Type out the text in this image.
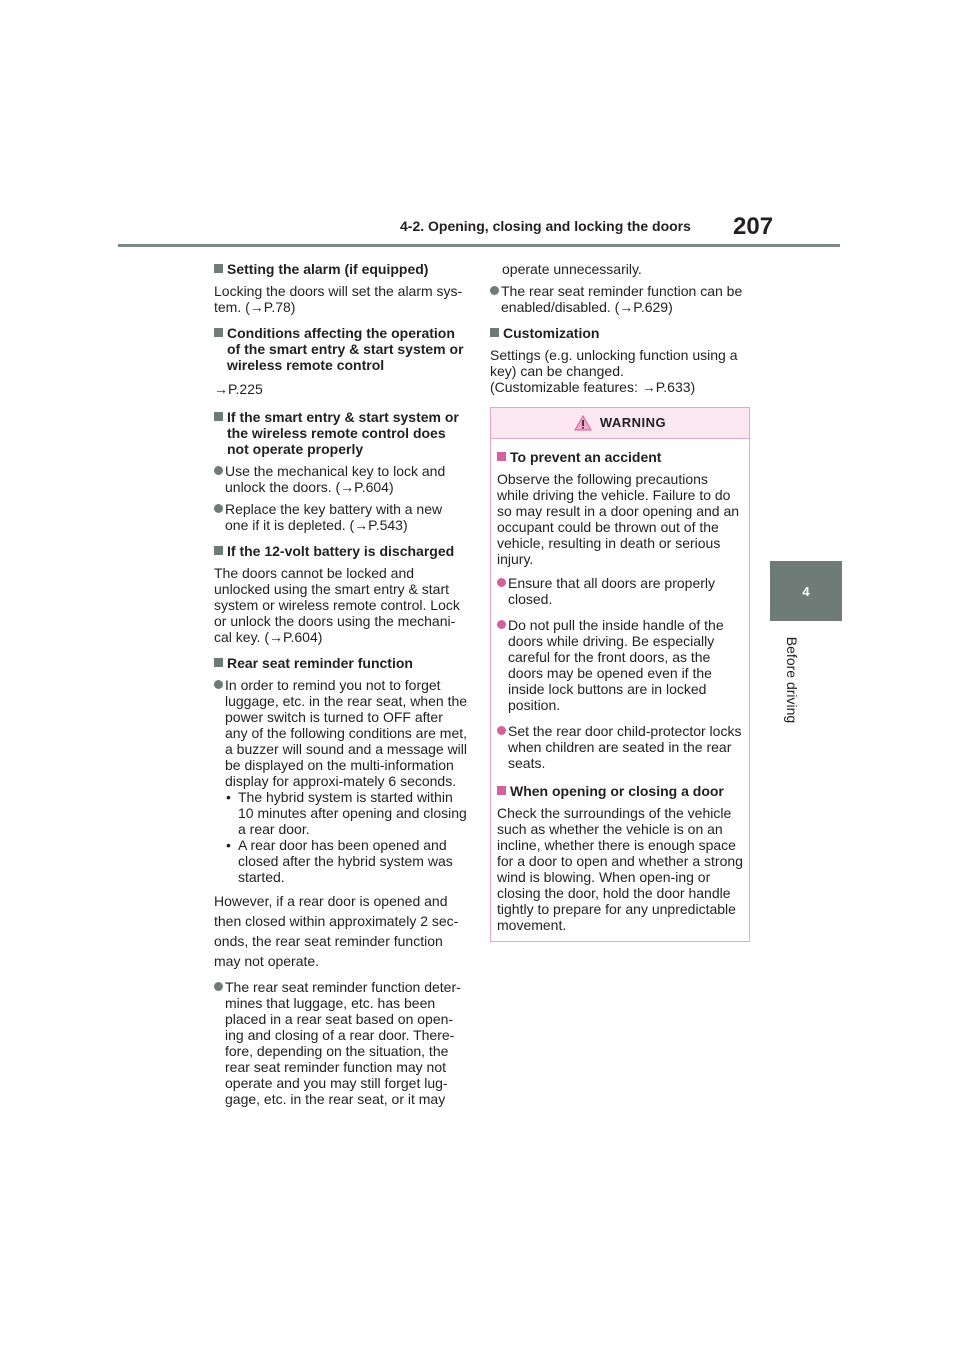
4-2. Opening, closing and locking the doors 207
4
Before driving
Setting the alarm (if equipped)
Locking the doors will set the alarm sys-tem. (→P.78)
Conditions affecting the operation of the smart entry & start system or wireless remote control
→P.225
If the smart entry & start system or the wireless remote control does not operate properly
Use the mechanical key to lock and unlock the doors. (→P.604)
Replace the key battery with a new one if it is depleted. (→P.543)
If the 12-volt battery is discharged
The doors cannot be locked and unlocked using the smart entry & start system or wireless remote control. Lock or unlock the doors using the mechani-cal key. (→P.604)
Rear seat reminder function
In order to remind you not to forget luggage, etc. in the rear seat, when the power switch is turned to OFF after any of the following conditions are met, a buzzer will sound and a message will be displayed on the multi-information display for approxi-mately 6 seconds.
• The hybrid system is started within 10 minutes after opening and closing a rear door.
• A rear door has been opened and closed after the hybrid system was started.
However, if a rear door is opened and then closed within approximately 2 sec-onds, the rear seat reminder function may not operate.
The rear seat reminder function deter-mines that luggage, etc. has been placed in a rear seat based on open-ing and closing of a rear door. There-fore, depending on the situation, the rear seat reminder function may not operate and you may still forget lug-gage, etc. in the rear seat, or it may
operate unnecessarily.
The rear seat reminder function can be enabled/disabled. (→P.629)
Customization
Settings (e.g. unlocking function using a key) can be changed.
(Customizable features: →P.633)
WARNING
To prevent an accident
Observe the following precautions while driving the vehicle. Failure to do so may result in a door opening and an occupant could be thrown out of the vehicle, resulting in death or serious injury.
Ensure that all doors are properly closed.
Do not pull the inside handle of the doors while driving. Be especially careful for the front doors, as the doors may be opened even if the inside lock buttons are in locked position.
Set the rear door child-protector locks when children are seated in the rear seats.
When opening or closing a door
Check the surroundings of the vehicle such as whether the vehicle is on an incline, whether there is enough space for a door to open and whether a strong wind is blowing. When open-ing or closing the door, hold the door handle tightly to prepare for any unpredictable movement.
